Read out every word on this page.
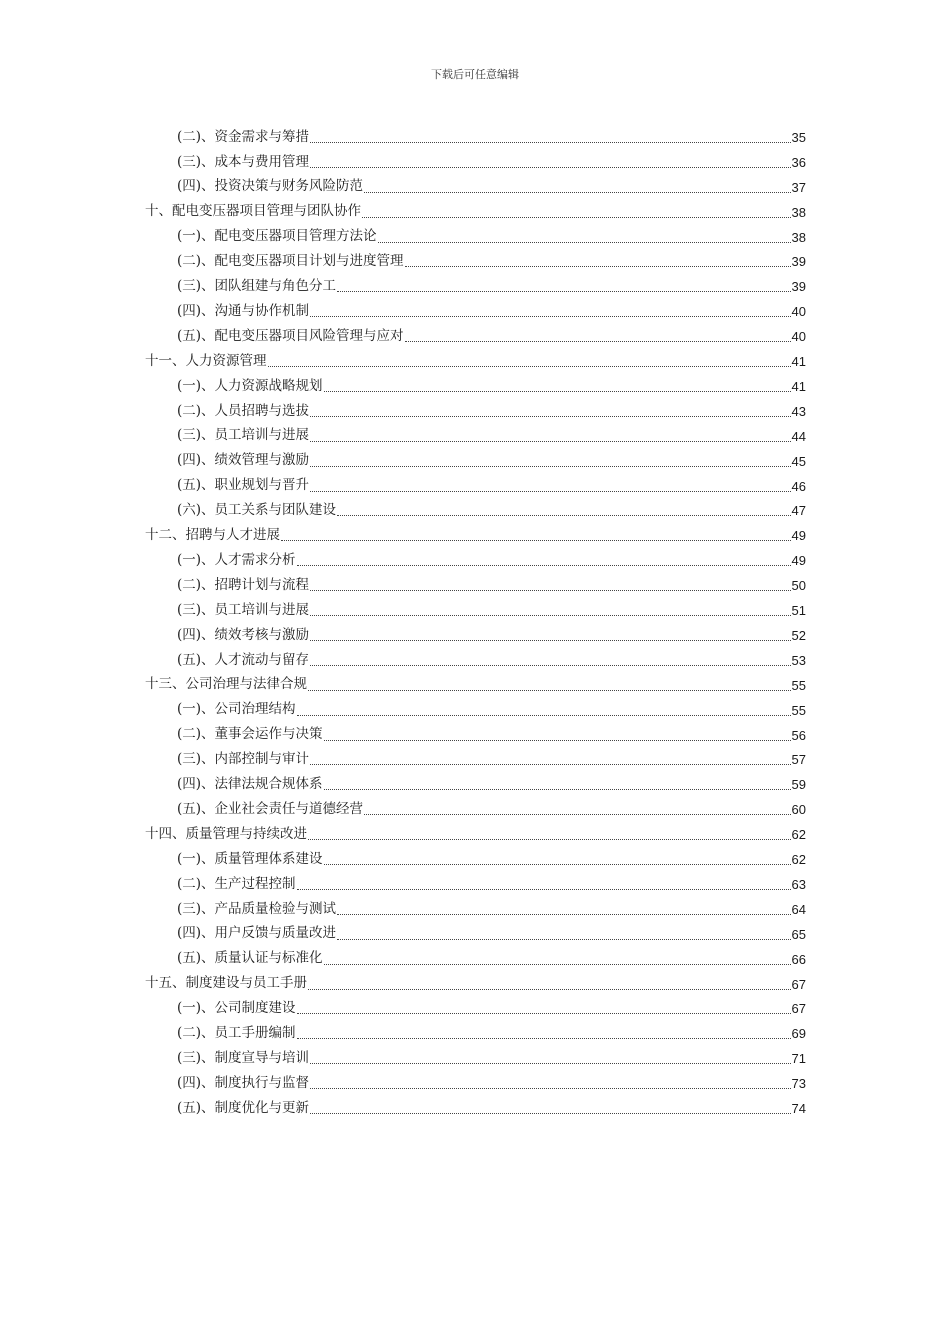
下载后可任意编辑
(二)、资金需求与筹措	35
(三)、成本与费用管理	36
(四)、投资决策与财务风险防范	37
十、配电变压器项目管理与团队协作	38
(一)、配电变压器项目管理方法论	38
(二)、配电变压器项目计划与进度管理	39
(三)、团队组建与角色分工	39
(四)、沟通与协作机制	40
(五)、配电变压器项目风险管理与应对	40
十一、人力资源管理	41
(一)、人力资源战略规划	41
(二)、人员招聘与选拔	43
(三)、员工培训与进展	44
(四)、绩效管理与激励	45
(五)、职业规划与晋升	46
(六)、员工关系与团队建设	47
十二、招聘与人才进展	49
(一)、人才需求分析	49
(二)、招聘计划与流程	50
(三)、员工培训与进展	51
(四)、绩效考核与激励	52
(五)、人才流动与留存	53
十三、公司治理与法律合规	55
(一)、公司治理结构	55
(二)、董事会运作与决策	56
(三)、内部控制与审计	57
(四)、法律法规合规体系	59
(五)、企业社会责任与道德经营	60
十四、质量管理与持续改进	62
(一)、质量管理体系建设	62
(二)、生产过程控制	63
(三)、产品质量检验与测试	64
(四)、用户反馈与质量改进	65
(五)、质量认证与标准化	66
十五、制度建设与员工手册	67
(一)、公司制度建设	67
(二)、员工手册编制	69
(三)、制度宣导与培训	71
(四)、制度执行与监督	73
(五)、制度优化与更新	74
